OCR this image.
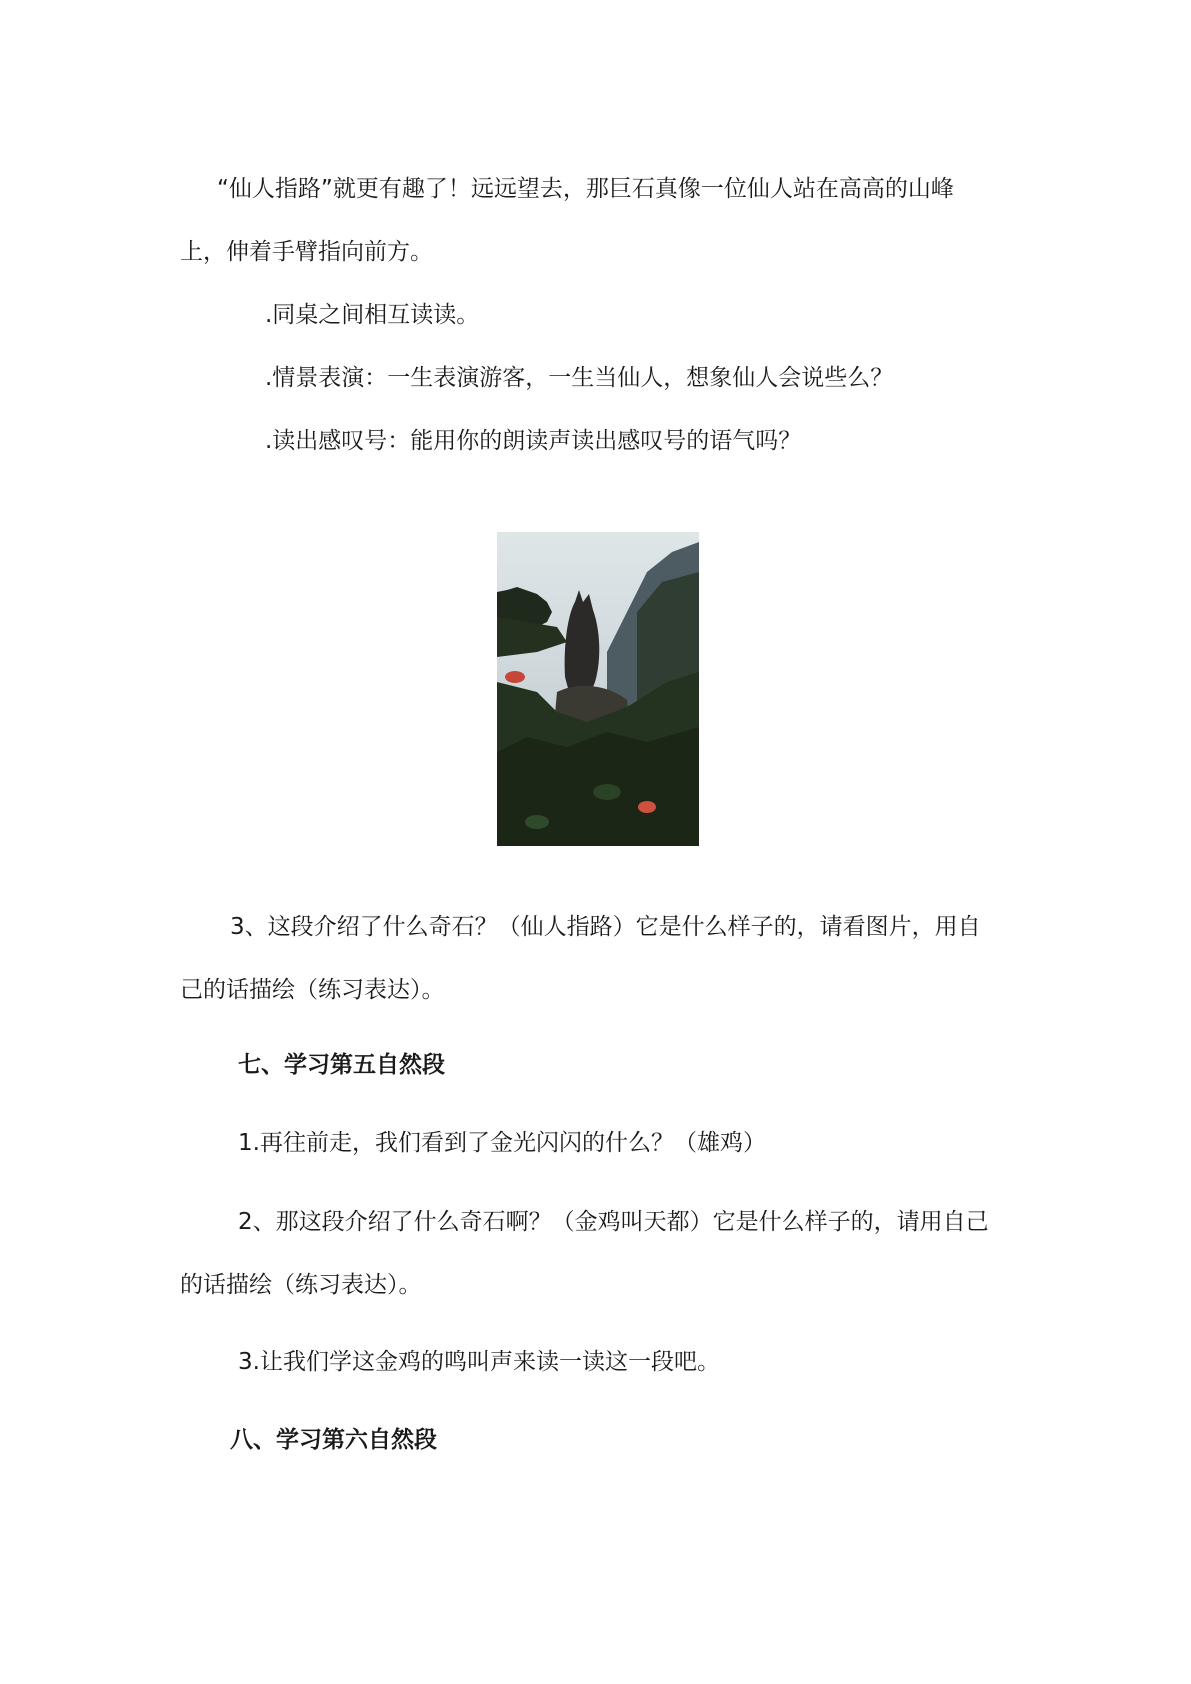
“仙人指路”就更有趣了！远远望去，那巨石真像一位仙人站在高高的山峰
上，伸着手臂指向前方。
.同桌之间相互读读。
.情景表演：一生表演游客，一生当仙人，想象仙人会说些么？
.读出感叹号：能用你的朗读声读出感叹号的语气吗？
3、这段介绍了什么奇石？（仙人指路）它是什么样子的，请看图片，用自
己的话描绘（练习表达）。
七、学习第五自然段
1.再往前走，我们看到了金光闪闪的什么？（雄鸡）
2、那这段介绍了什么奇石啊？（金鸡叫天都）它是什么样子的，请用自己
的话描绘（练习表达）。
3.让我们学这金鸡的鸣叫声来读一读这一段吧。
八、学习第六自然段
